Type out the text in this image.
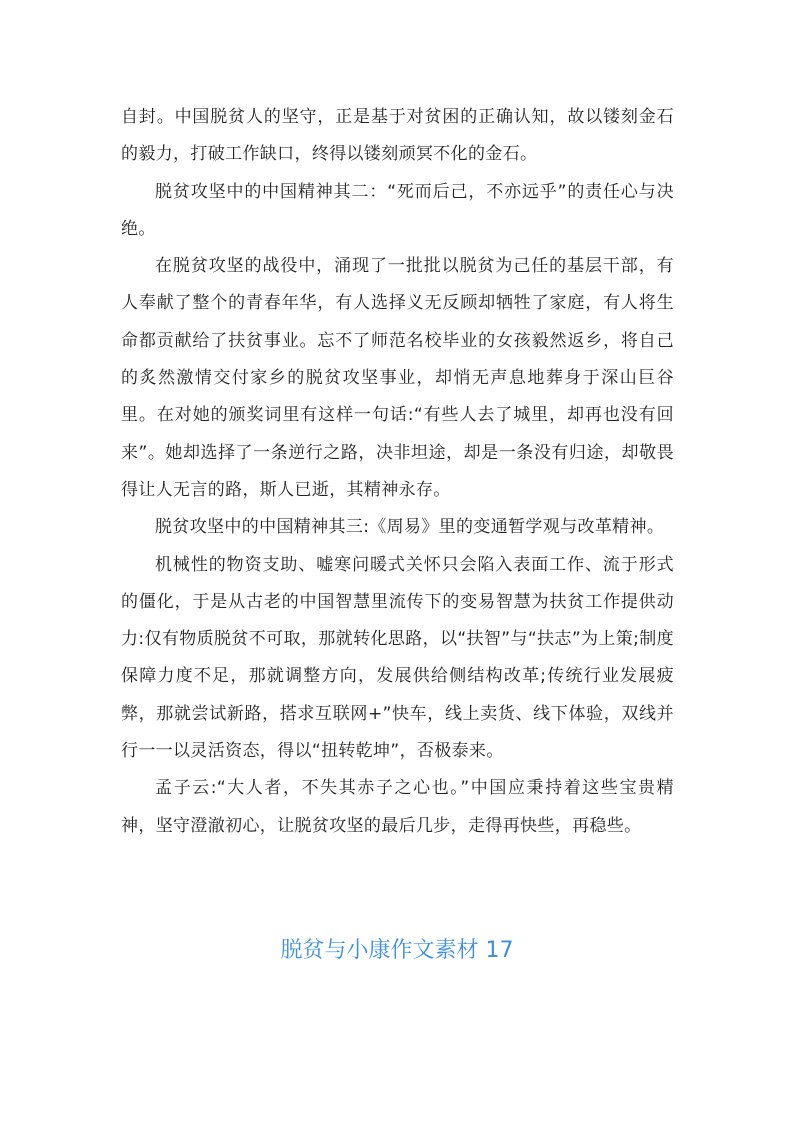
自封。中国脱贫人的坚守，正是基于对贫困的正确认知，故以镂刻金石的毅力，打破工作缺口，终得以镂刻顽冥不化的金石。

脱贫攻坚中的中国精神其二：“死而后己，不亦远乎”的责任心与决绝。

在脱贫攻坚的战役中，涌现了一批批以脱贫为己任的基层干部，有人奉献了整个的青春年华，有人选择义无反顾却牺牲了家庭，有人将生命都贡献给了扶贫事业。忘不了师范名校毕业的女孩毅然返乡，将自己的炙然激情交付家乡的脱贫攻坚事业，却悄无声息地葬身于深山巨谷里。在对她的颁奖词里有这样一句话:“有些人去了城里，却再也没有回来”。她却选择了一条逆行之路，决非坦途，却是一条没有归途，却敬畏得让人无言的路，斯人已逝，其精神永存。

脱贫攻坚中的中国精神其三:《周易》里的变通暂学观与改革精神。

机械性的物资支助、嘘寒问暖式关怀只会陷入表面工作、流于形式的僵化，于是从古老的中国智慧里流传下的变易智慧为扶贫工作提供动力:仅有物质脱贫不可取，那就转化思路，以“扶智”与“扶志”为上策;制度保障力度不足，那就调整方向，发展供给侧结构改革;传统行业发展疲弊，那就尝试新路，搭求互联网+”快车，线上卖货、线下体验，双线并行一一以灵活资态，得以“扭转乾坤”，否极泰来。

孟子云:“大人者，不失其赤子之心也。”中国应秉持着这些宝贵精神，坚守澄澈初心，让脱贫攻坚的最后几步，走得再快些，再稳些。

脱贫与小康作文素材 17
